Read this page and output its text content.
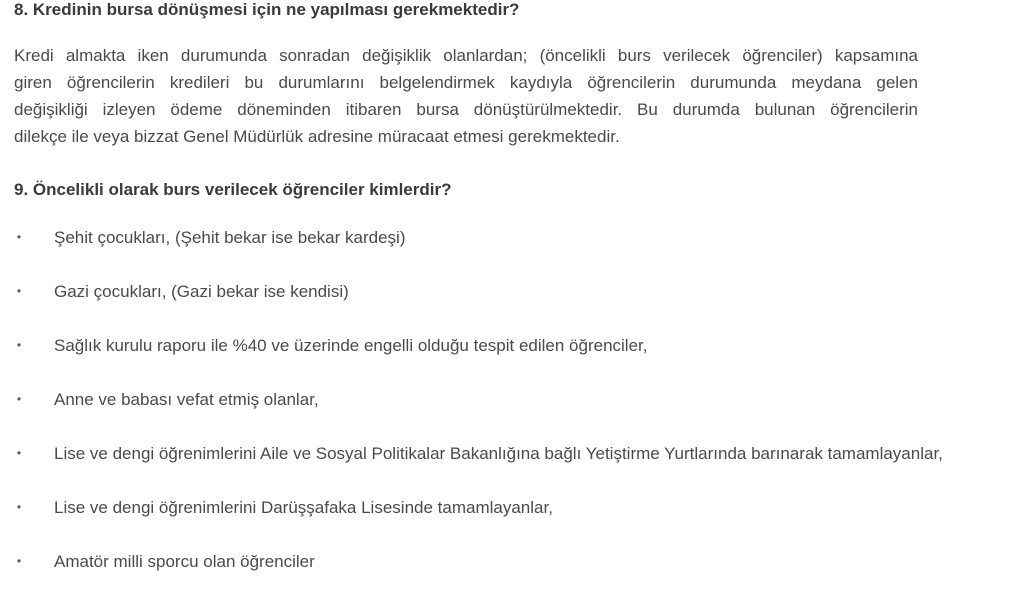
8. Kredinin bursa dönüşmesi için ne yapılması gerekmektedir?

Kredi almakta iken durumunda sonradan değişiklik olanlardan; (öncelikli burs verilecek öğrenciler) kapsamına
giren öğrencilerin kredileri bu durumlarını belgelendirmek kaydıyla öğrencilerin durumunda meydana gelen
değişikliği izleyen ödeme döneminden itibaren bursa dönüştürülmektedir. Bu durumda bulunan öğrencilerin
dilekçe ile veya bizzat Genel Müdürlük adresine müracaat etmesi gerekmektedir.

9. Öncelikli olarak burs verilecek öğrenciler kimlerdir?
• Şehit çocukları, (Şehit bekar ise bekar kardeşi)
• Gazi çocukları, (Gazi bekar ise kendisi)
• Sağlık kurulu raporu ile %40 ve üzerinde engelli olduğu tespit edilen öğrenciler,
• Anne ve babası vefat etmiş olanlar,
• Lise ve dengi öğrenimlerini Aile ve Sosyal Politikalar Bakanlığına bağlı Yetiştirme Yurtlarında barınarak tamamlayanlar,
• Lise ve dengi öğrenimlerini Darüşşafaka Lisesinde tamamlayanlar,
• Amatör milli sporcu olan öğrenciler
